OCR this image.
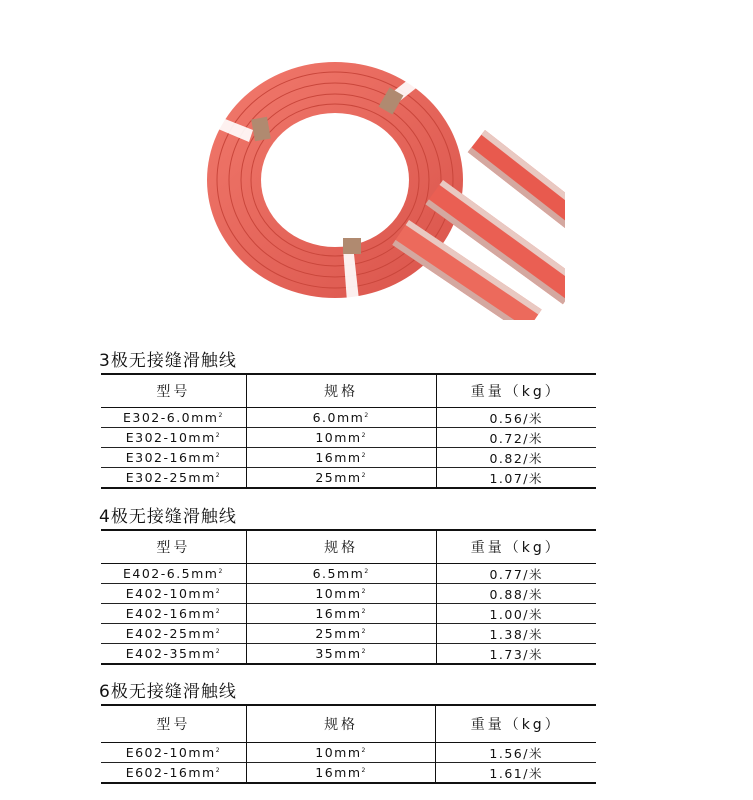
3极无接缝滑触线
型号	规格	重量（kg）
$E302-6.0mm^2$	$6.0mm^2$	0.56/米
$E302-10mm^2$	$10mm^2$	0.72/米
$E302-16mm^2$	$16mm^2$	0.82/米
$E302-25mm^2$	$25mm^2$	1.07/米
4极无接缝滑触线
型号	规格	重量（kg）
$E402-6.5mm^2$	$6.5mm^2$	0.77/米
$E402-10mm^2$	$10mm^2$	0.88/米
$E402-16mm^2$	$16mm^2$	1.00/米
$E402-25mm^2$	$25mm^2$	1.38/米
$E402-35mm^2$	$35mm^2$	1.73/米
6极无接缝滑触线
型号	规格	重量（kg）
$E602-10mm^2$	$10mm^2$	1.56/米
$E602-16mm^2$	$16mm^2$	1.61/米
